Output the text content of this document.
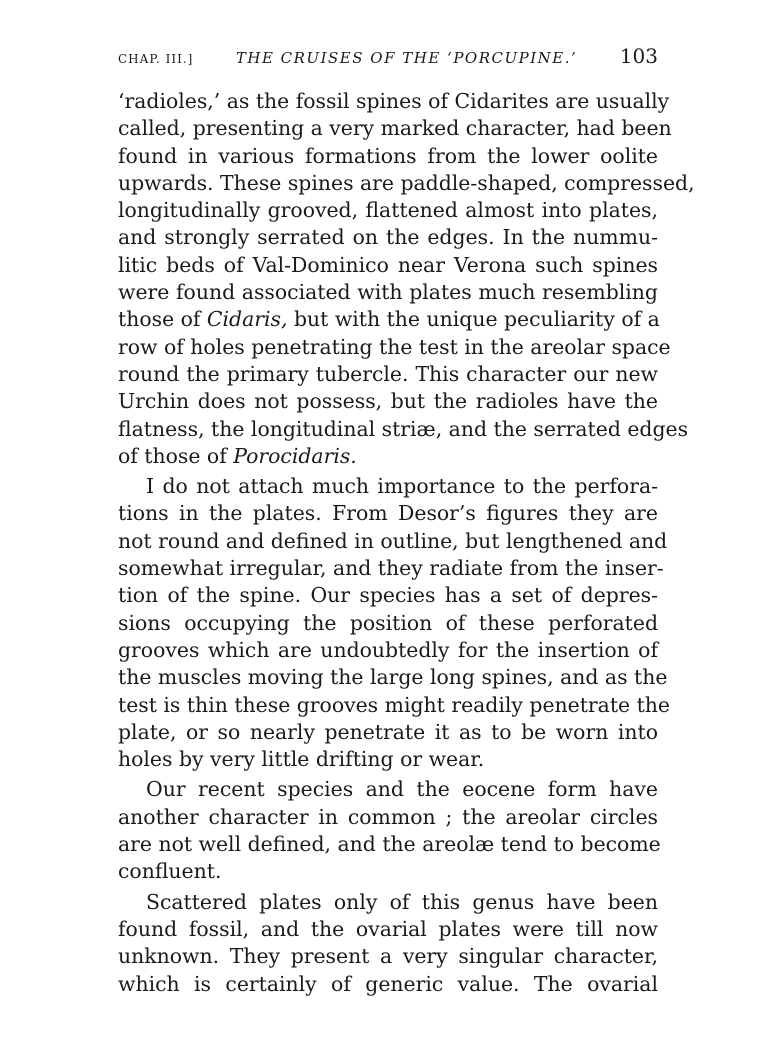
CHAP. III.]	THE CRUISES OF THE ‘PORCUPINE.’ 103
‘radioles,’ as the fossil spines of Cidarites are usually
called, presenting a very marked character, had been
found in various formations from the lower oolite
upwards. These spines are paddle-shaped, compressed,
longitudinally grooved, flattened almost into plates,
and strongly serrated on the edges. In the nummu-
litic beds of Val-Dominico near Verona such spines
were found associated with plates much resembling
those of Cidaris, but with the unique peculiarity of a
row of holes penetrating the test in the areolar space
round the primary tubercle. This character our new
Urchin does not possess, but the radioles have the
flatness, the longitudinal striæ, and the serrated edges
of those of Porocidaris.
I do not attach much importance to the perfora-
tions in the plates. From Desor’s figures they are
not round and defined in outline, but lengthened and
somewhat irregular, and they radiate from the inser-
tion of the spine. Our species has a set of depres-
sions occupying the position of these perforated
grooves which are undoubtedly for the insertion of
the muscles moving the large long spines, and as the
test is thin these grooves might readily penetrate the
plate, or so nearly penetrate it as to be worn into
holes by very little drifting or wear.
Our recent species and the eocene form have
another character in common ; the areolar circles
are not well defined, and the areolæ tend to become
confluent.
Scattered plates only of this genus have been
found fossil, and the ovarial plates were till now
unknown. They present a very singular character,
which is certainly of generic value. The ovarial
